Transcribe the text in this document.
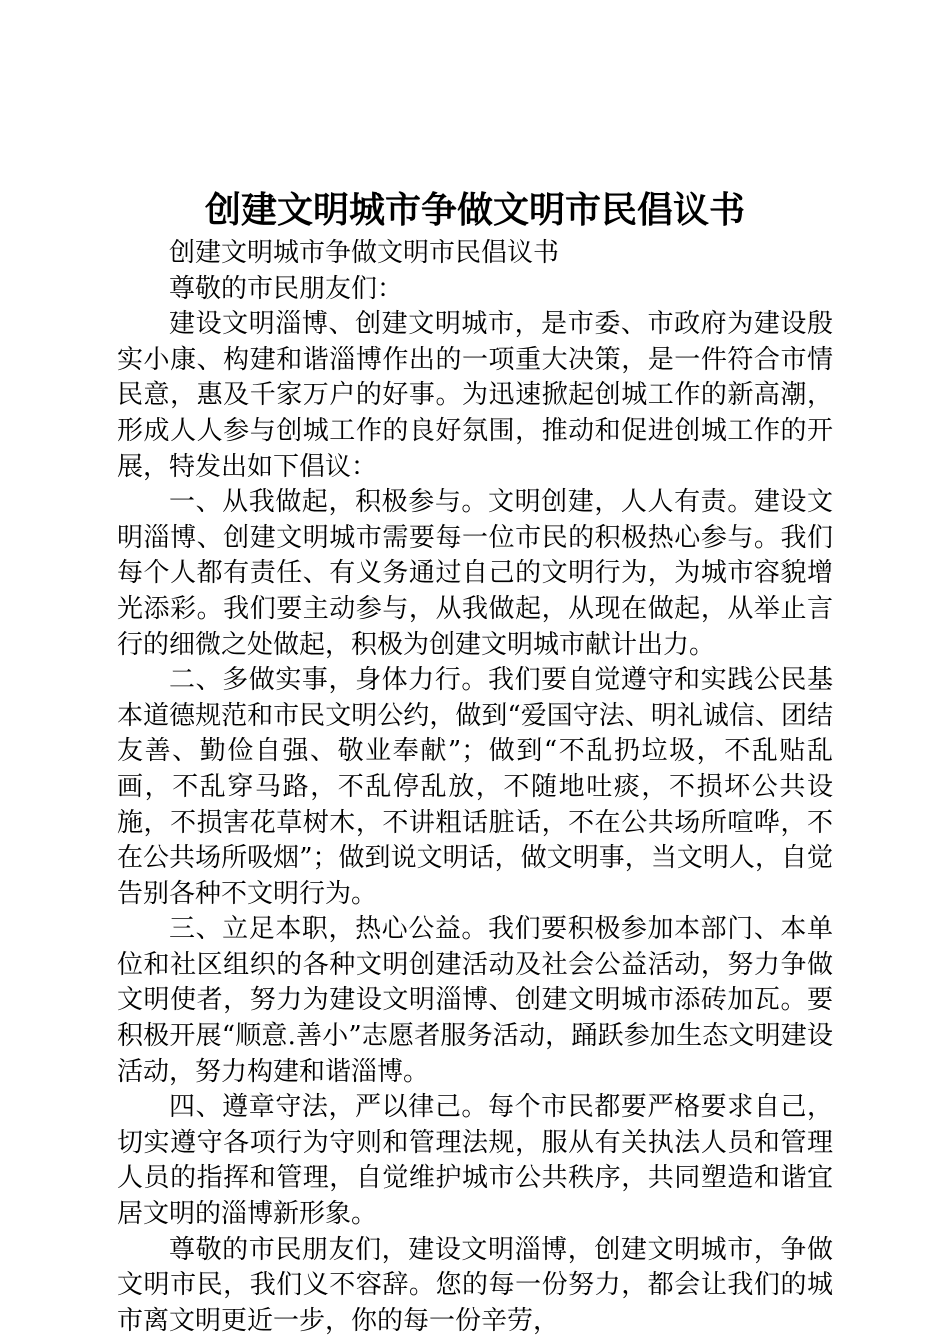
创建文明城市争做文明市民倡议书

创建文明城市争做文明市民倡议书

尊敬的市民朋友们：

建设文明淄博、创建文明城市，是市委、市政府为建设殷实小康、构建和谐淄博作出的一项重大决策，是一件符合市情民意，惠及千家万户的好事。为迅速掀起创城工作的新高潮，形成人人参与创城工作的良好氛围，推动和促进创城工作的开展，特发出如下倡议：

一、从我做起，积极参与。文明创建，人人有责。建设文明淄博、创建文明城市需要每一位市民的积极热心参与。我们每个人都有责任、有义务通过自己的文明行为，为城市容貌增光添彩。我们要主动参与，从我做起，从现在做起，从举止言行的细微之处做起，积极为创建文明城市献计出力。

二、多做实事，身体力行。我们要自觉遵守和实践公民基本道德规范和市民文明公约，做到“爱国守法、明礼诚信、团结友善、勤俭自强、敬业奉献”；做到“不乱扔垃圾，不乱贴乱画，不乱穿马路，不乱停乱放，不随地吐痰，不损坏公共设施，不损害花草树木，不讲粗话脏话，不在公共场所喧哗，不在公共场所吸烟”；做到说文明话，做文明事，当文明人，自觉告别各种不文明行为。

三、立足本职，热心公益。我们要积极参加本部门、本单位和社区组织的各种文明创建活动及社会公益活动，努力争做文明使者，努力为建设文明淄博、创建文明城市添砖加瓦。要积极开展“顺意.善小”志愿者服务活动，踊跃参加生态文明建设活动，努力构建和谐淄博。

四、遵章守法，严以律己。每个市民都要严格要求自己，切实遵守各项行为守则和管理法规，服从有关执法人员和管理人员的指挥和管理，自觉维护城市公共秩序，共同塑造和谐宜居文明的淄博新形象。

尊敬的市民朋友们，建设文明淄博，创建文明城市，争做文明市民，我们义不容辞。您的每一份努力，都会让我们的城市离文明更近一步，你的每一份辛劳，
